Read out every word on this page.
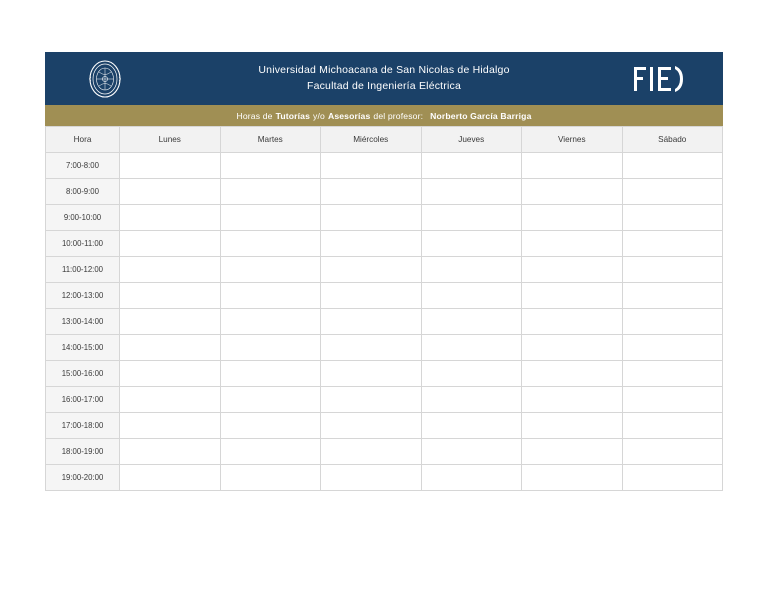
Universidad Michoacana de San Nicolas de Hidalgo
Facultad de Ingeniería Eléctrica
Horas de Tutorías y/o Asesorías del profesor: Norberto García Barriga
Hora	Lunes	Martes	Miércoles	Jueves	Viernes	Sábado
7:00-8:00						
8:00-9:00						
9:00-10:00						
10:00-11:00						
11:00-12:00						
12:00-13:00						
13:00-14:00						
14:00-15:00						
15:00-16:00						
16:00-17:00						
17:00-18:00						
18:00-19:00						
19:00-20:00						
